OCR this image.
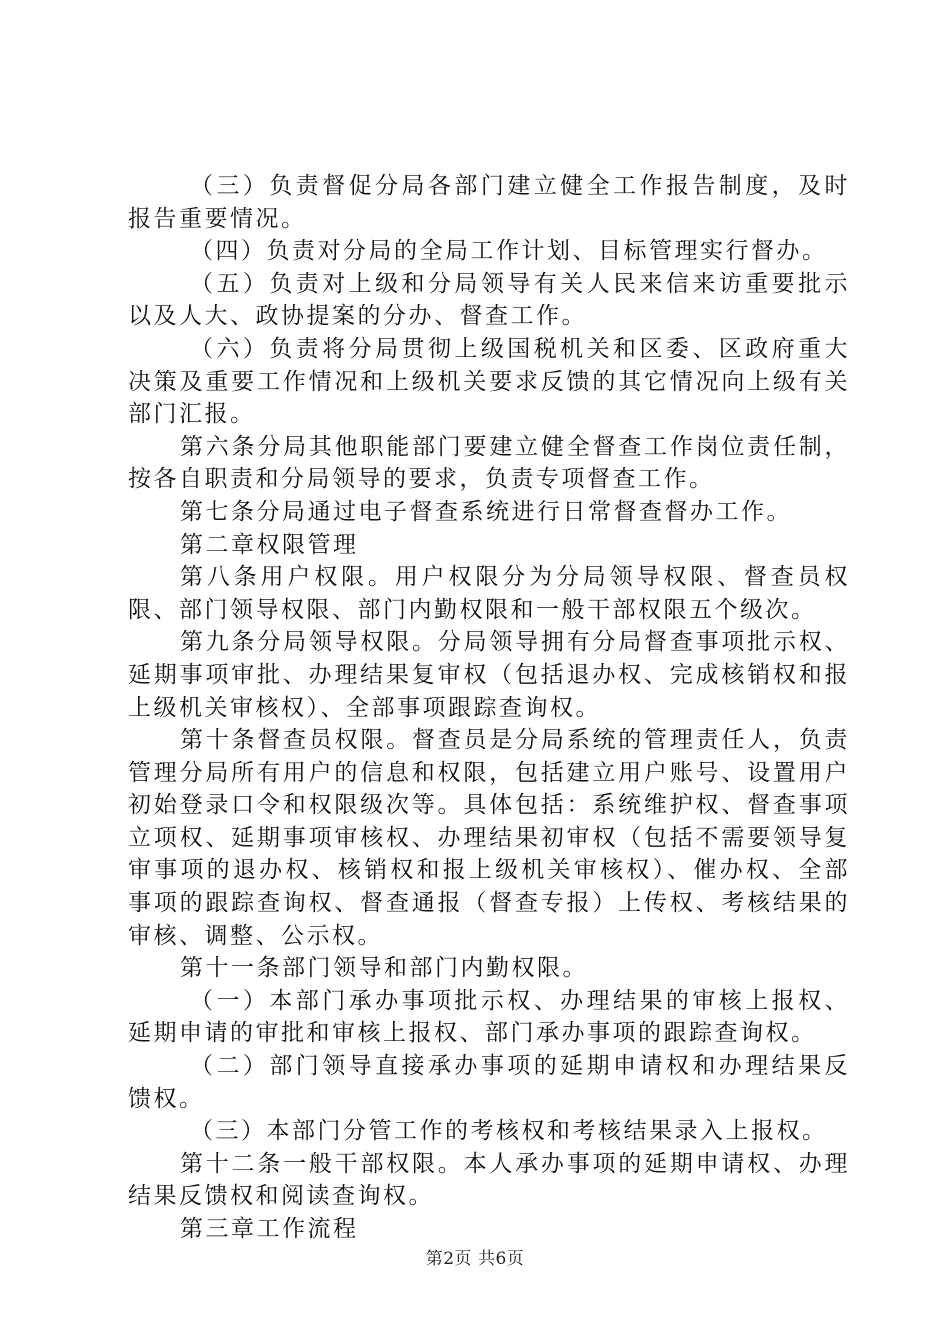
（三）负责督促分局各部门建立健全工作报告制度，及时报告重要情况。

（四）负责对分局的全局工作计划、目标管理实行督办。

（五）负责对上级和分局领导有关人民来信来访重要批示以及人大、政协提案的分办、督查工作。

（六）负责将分局贯彻上级国税机关和区委、区政府重大决策及重要工作情况和上级机关要求反馈的其它情况向上级有关部门汇报。

第六条分局其他职能部门要建立健全督查工作岗位责任制，按各自职责和分局领导的要求，负责专项督查工作。

第七条分局通过电子督查系统进行日常督查督办工作。

第二章权限管理

第八条用户权限。用户权限分为分局领导权限、督查员权限、部门领导权限、部门内勤权限和一般干部权限五个级次。

第九条分局领导权限。分局领导拥有分局督查事项批示权、延期事项审批、办理结果复审权（包括退办权、完成核销权和报上级机关审核权）、全部事项跟踪查询权。

第十条督查员权限。督查员是分局系统的管理责任人，负责管理分局所有用户的信息和权限，包括建立用户账号、设置用户初始登录口令和权限级次等。具体包括：系统维护权、督查事项立项权、延期事项审核权、办理结果初审权（包括不需要领导复审事项的退办权、核销权和报上级机关审核权）、催办权、全部事项的跟踪查询权、督查通报（督查专报）上传权、考核结果的审核、调整、公示权。

第十一条部门领导和部门内勤权限。

（一）本部门承办事项批示权、办理结果的审核上报权、延期申请的审批和审核上报权、部门承办事项的跟踪查询权。

（二）部门领导直接承办事项的延期申请权和办理结果反馈权。

（三）本部门分管工作的考核权和考核结果录入上报权。

第十二条一般干部权限。本人承办事项的延期申请权、办理结果反馈权和阅读查询权。

第三章工作流程

第2页 共6页
